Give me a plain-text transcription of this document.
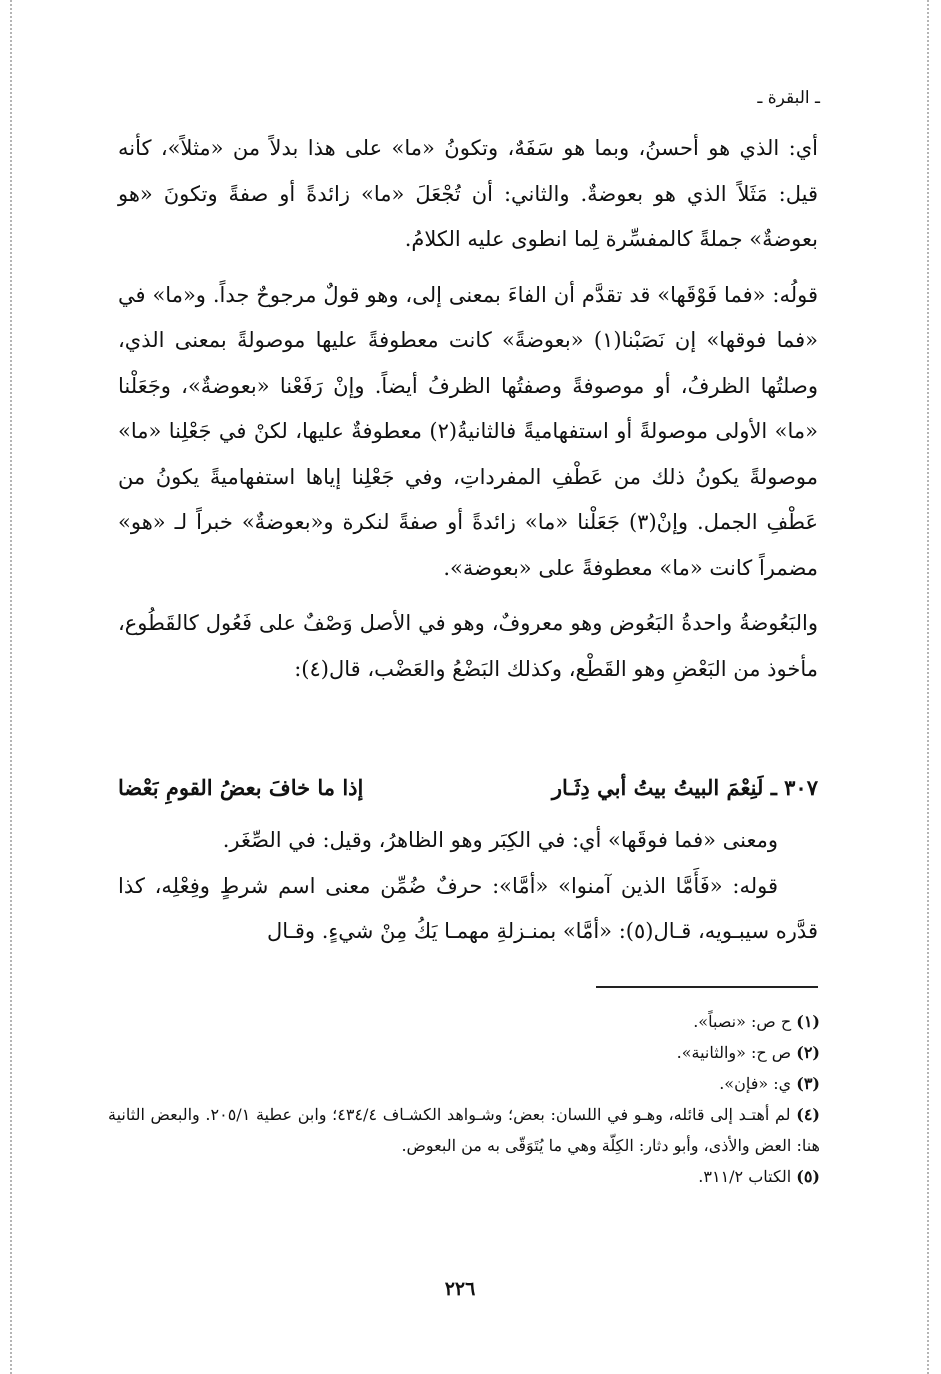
ـ البقرة ـ

أي: الذي هو أحسنُ، وبما هو سَفَهٌ، وتكونُ «ما» على هذا بدلاً من «مثلاً»، كأنه قيل: مَثَلاً الذي هو بعوضةٌ. والثاني: أن تُجْعَلَ «ما» زائدةً أو صفةً وتكونَ «هو بعوضةٌ» جملةً كالمفسِّرة لِما انطوى عليه الكلامُ.

قولُه: «فما فَوْقَها» قد تقدَّم أن الفاءَ بمعنى إلى، وهو قولٌ مرجوحٌ جداً. و«ما» في «فما فوقها» إن نَصَبْنا(١) «بعوضةً» كانت معطوفةً عليها موصولةً بمعنى الذي، وصلتُها الظرفُ، أو موصوفةً وصفتُها الظرفُ أيضاً. وإنْ رَفَعْنا «بعوضةٌ»، وجَعَلْنا «ما» الأولى موصولةً أو استفهاميةً فالثانيةُ(٢) معطوفةٌ عليها، لكنْ في جَعْلِنا «ما» موصولةً يكونُ ذلك من عَطْفِ المفرداتِ، وفي جَعْلِنا إياها استفهاميةً يكونُ من عَطْفِ الجمل. وإنْ(٣) جَعَلْنا «ما» زائدةً أو صفةً لنكرة و«بعوضةٌ» خبراً لـ «هو» مضمراً كانت «ما» معطوفةً على «بعوضة».

والبَعُوضةُ واحدةُ البَعُوض وهو معروفٌ، وهو في الأصل وَصْفٌ على فَعُول كالقَطُوع، مأخوذ من البَعْضِ وهو القَطْع، وكذلك البَضْعُ والعَضْب، قال(٤):

٣٠٧ ـ لَنِعْمَ البيتُ بيتُ أبي دِثَـار
إذا ما خافَ بعضُ القومِ بَعْضا

ومعنى «فما فوقَها» أي: في الكِبَر وهو الظاهرُ، وقيل: في الصِّغَر.

قوله: «فَأَمَّا الذين آمنوا» «أمَّا»: حرفٌ ضُمِّن معنى اسم شرطٍ وفِعْلِه، كذا قدَّره سيبـويه، قـال(٥): «أمَّا» بمنـزلةِ مهمـا يَكُ مِنْ شيءٍ. وقـال

(١) ح ص: «نصباً».

(٢) ص ح: «والثانية».

(٣) ي: «فإن».

(٤) لم أهتـد إلى قائله، وهـو في اللسان: بعض؛ وشـواهد الكشـاف ٤٣٤/٤؛ وابن عطية ٢٠٥/١. والبعض الثانية هنا: العض والأذى، وأبو دثار: الكِلّة وهي ما يُتَوَقّى به من البعوض.

(٥) الكتاب ٣١١/٢.

٢٢٦
